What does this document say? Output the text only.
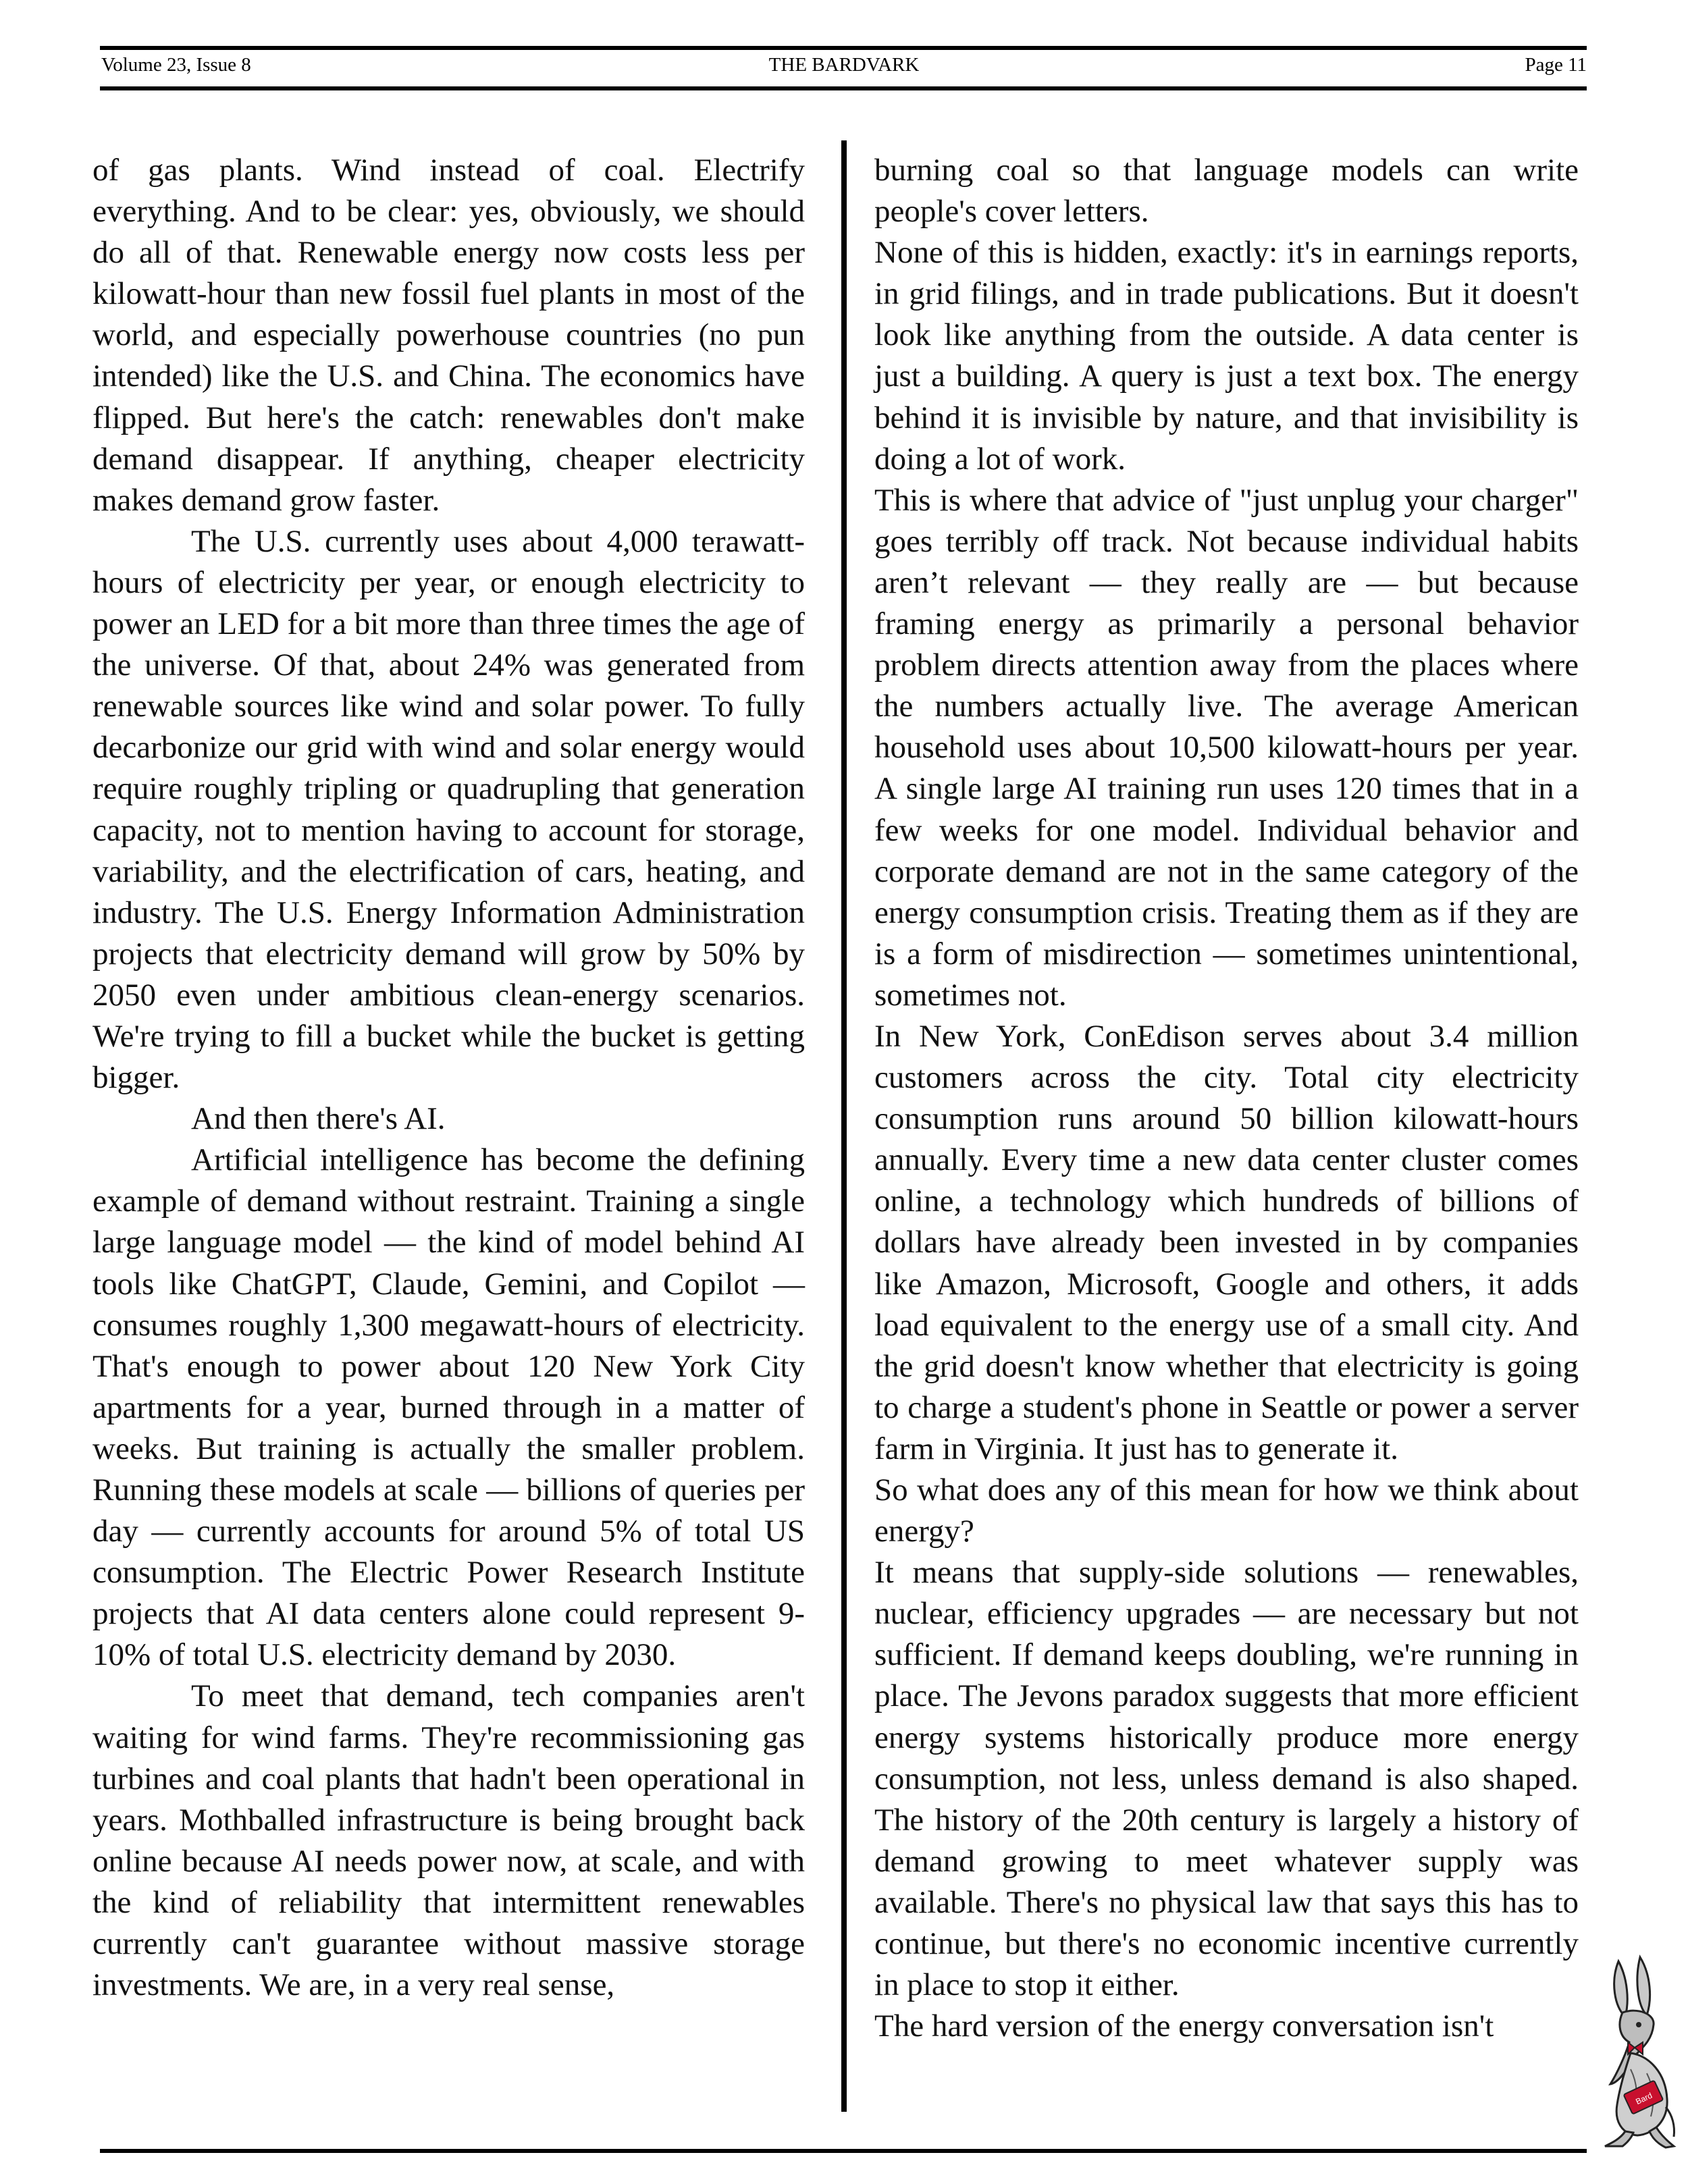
Volume 23, Issue 8	THE BARDVARK	Page 11

of gas plants. Wind instead of coal. Electrify everything. And to be clear: yes, obviously, we should do all of that. Renewable energy now costs less per kilowatt-hour than new fossil fuel plants in most of the world, and especially powerhouse countries (no pun intended) like the U.S. and China. The economics have flipped. But here's the catch: renewables don't make demand disappear. If anything, cheaper electricity makes demand grow faster.

The U.S. currently uses about 4,000 terawatt-hours of electricity per year, or enough electricity to power an LED for a bit more than three times the age of the universe. Of that, about 24% was generated from renewable sources like wind and solar power. To fully decarbonize our grid with wind and solar energy would require roughly tripling or quadrupling that generation capacity, not to mention having to account for storage, variability, and the electrification of cars, heating, and industry. The U.S. Energy Information Administration projects that electricity demand will grow by 50% by 2050 even under ambitious clean-energy scenarios. We're trying to fill a bucket while the bucket is getting bigger.

And then there's AI.

Artificial intelligence has become the defining example of demand without restraint. Training a single large language model — the kind of model behind AI tools like ChatGPT, Claude, Gemini, and Copilot — consumes roughly 1,300 megawatt-hours of electricity. That's enough to power about 120 New York City apartments for a year, burned through in a matter of weeks. But training is actually the smaller problem. Running these models at scale — billions of queries per day — currently accounts for around 5% of total US consumption. The Electric Power Research Institute projects that AI data centers alone could represent 9-10% of total U.S. electricity demand by 2030.

To meet that demand, tech companies aren't waiting for wind farms. They're recommissioning gas turbines and coal plants that hadn't been operational in years. Mothballed infrastructure is being brought back online because AI needs power now, at scale, and with the kind of reliability that intermittent renewables currently can't guarantee without massive storage investments. We are, in a very real sense,

burning coal so that language models can write people's cover letters.

None of this is hidden, exactly: it's in earnings reports, in grid filings, and in trade publications. But it doesn't look like anything from the outside. A data center is just a building. A query is just a text box. The energy behind it is invisible by nature, and that invisibility is doing a lot of work.

This is where that advice of "just unplug your charger" goes terribly off track. Not because individual habits aren’t relevant — they really are — but because framing energy as primarily a personal behavior problem directs attention away from the places where the numbers actually live. The average American household uses about 10,500 kilowatt-hours per year. A single large AI training run uses 120 times that in a few weeks for one model. Individual behavior and corporate demand are not in the same category of the energy consumption crisis. Treating them as if they are is a form of misdirection — sometimes unintentional, sometimes not.

In New York, ConEdison serves about 3.4 million customers across the city. Total city electricity consumption runs around 50 billion kilowatt-hours annually. Every time a new data center cluster comes online, a technology which hundreds of billions of dollars have already been invested in by companies like Amazon, Microsoft, Google and others, it adds load equivalent to the energy use of a small city. And the grid doesn't know whether that electricity is going to charge a student's phone in Seattle or power a server farm in Virginia. It just has to generate it.

So what does any of this mean for how we think about energy?

It means that supply-side solutions — renewables, nuclear, efficiency upgrades — are necessary but not sufficient. If demand keeps doubling, we're running in place. The Jevons paradox suggests that more efficient energy systems historically produce more energy consumption, not less, unless demand is also shaped. The history of the 20th century is largely a history of demand growing to meet whatever supply was available. There's no physical law that says this has to continue, but there's no economic incentive currently in place to stop it either.

The hard version of the energy conversation isn't

Bard
